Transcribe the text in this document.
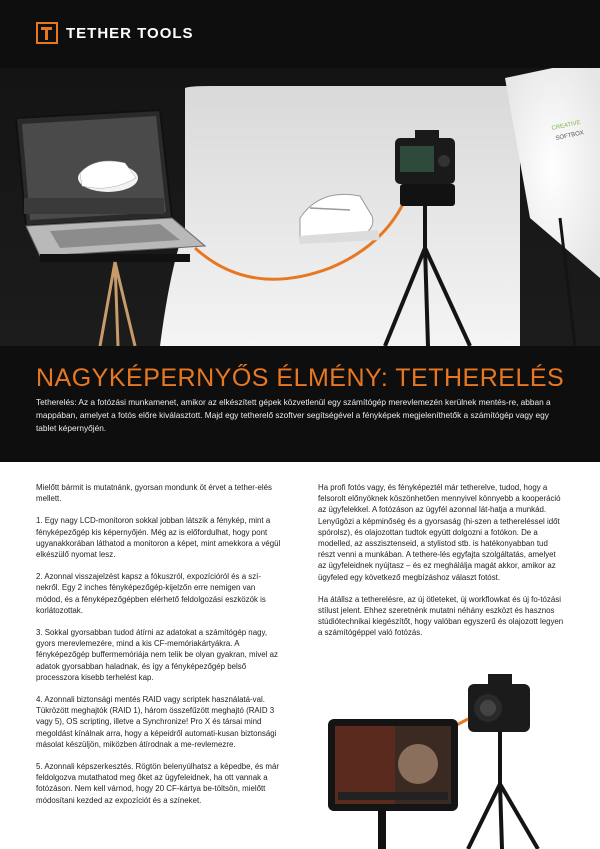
TETHER TOOLS
CREATIVE
SOFTBOX
NAGYKÉPERNYŐS ÉLMÉNY: TETHERELÉS

Tetherelés: Az a fotózási munkamenet, amikor az elkészített gépek közvetlenül egy számítógép merevlemezén kerülnek mentés-re, abban a mappában, amelyet a fotós előre kiválasztott. Majd egy tetherelő szoftver segítségével a fényképek megjeleníthetők a számítógép vagy egy tablet képernyőjén.

Mielőtt bármit is mutatnánk, gyorsan mondunk öt érvet a tether-elés mellett.

1. Egy nagy LCD-monitoron sokkal jobban látszik a fénykép, mint a fényképezőgép kis képernyőjén. Még az is előfordulhat, hogy pont ugyanakkorában láthatod a monitoron a képet, mint amekkora a végül elkészülő nyomat lesz.

2. Azonnal visszajelzést kapsz a fókuszról, expozícióról és a szí-nekről. Egy 2 inches fényképezőgép-kijelzőn erre nemigen van módod, és a fényképezőgépben elérhető feldolgozási eszközök is korlátozottak.

3. Sokkal gyorsabban tudod átírni az adatokat a számítógép nagy, gyors merevlemezére, mind a kis CF-memóriakártyákra. A fényképezőgép buffermemóriája nem telik be olyan gyakran, mivel az adatok gyorsabban haladnak, és így a fényképezőgép belső processzora kisebb terhelést kap.

4. Azonnali biztonsági mentés RAID vagy scriptek használatá-val. Tükrözött meghajtók (RAID 1), három összefűzött meghajtó (RAID 3 vagy 5), OS scripting, illetve a Synchronize! Pro X és társai mind megoldást kínálnak arra, hogy a képeidről automati-kusan biztonsági másolat készüljön, miközben átírodnak a me-revlemezre.

5. Azonnali képszerkesztés. Rögtön belenyúlhatsz a képedbe, és már feldolgozva mutathatod meg őket az ügyfeleidnek, ha ott vannak a fotózáson. Nem kell várnod, hogy 20 CF-kártya be-töltsön, mielőtt módosítani kezded az expozíciót és a színeket.

Ha profi fotós vagy, és fényképeztél már tetherelve, tudod, hogy a felsorolt előnyöknek köszönhetően mennyivel könnyebb a kooperáció az ügyfelekkel. A fotózáson az ügyfél azonnal lát-hatja a munkád. Lenyűgözi a képminőség és a gyorsaság (hi-szen a tethereléssel időt spórolsz), és olajozottan tudtok együtt dolgozni a fotókon. De a modelled, az asszisztenseid, a stylistod stb. is hatékonyabban tud részt venni a munkában. A tethere-lés egyfajta szolgáltatás, amelyet az ügyfeleidnek nyújtasz – és ez meghálálja magát akkor, amikor az ügyfeled egy következő megbízáshoz választ fotóst.

Ha átállsz a tetherelésre, az új ötleteket, új workflowkat és új fo-tózási stílust jelent. Ehhez szeretnénk mutatni néhány eszközt és hasznos stúdiótechnikai kiegészítőt, hogy valóban egyszerű és olajozott legyen a számítógéppel való fotózás.
